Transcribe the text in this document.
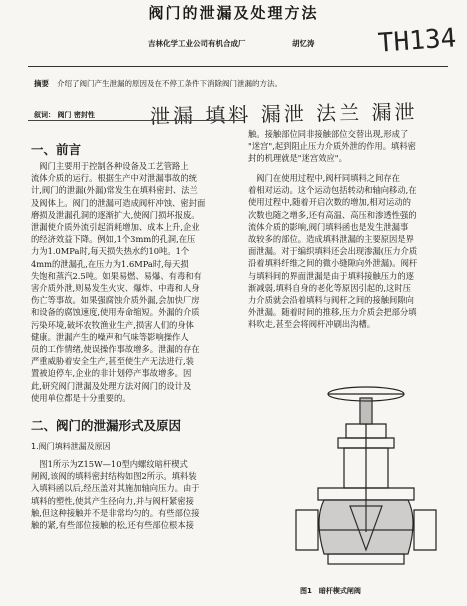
阀门的泄漏及处理方法
吉林化学工业公司有机合成厂	胡忆涛 TH134
摘要 介绍了阀门产生泄漏的原因及在不停工条件下消除阀门泄漏的方法。
叙词： 阀门 密封性	泄漏 填料 漏泄 法兰 漏泄
一、前言
　阀门主要用于控制各种设备及工艺管路上
流体介质的运行。根据生产中对泄漏事故的统
计,阀门的泄漏(外漏)常发生在填料密封、法兰
及阀体上。阀门的泄漏可造成阀杆冲蚀、密封面
磨损及泄漏孔洞的逐渐扩大,使阀门损坏报废。
泄漏使介质外流引起消耗增加、成本上升,企业
的经济效益下降。例如,1个3mm的孔洞,在压
力为1.0MPa时,每天损失热水约10吨。1个
4mm的泄漏孔,在压力为1.6MPa时,每天损
失饱和蒸汽2.5吨。如果易燃、易爆、有毒和有
害介质外泄,则易发生火灾、爆炸、中毒和人身
伤亡等事故。如果强腐蚀介质外漏,会加快厂房
和设备的腐蚀速度,使用寿命缩短。外漏的介质
污染环境,破坏农牧渔业生产,损害人们的身体
健康。泄漏产生的噪声和气味等影响操作人
员的工作情绪,使误操作事故增多。泄漏的存在
严重威胁着安全生产,甚至使生产无法进行,装
置被迫停车,企业的非计划停产事故增多。因
此,研究阀门泄漏及处理方法对阀门的设计及
使用单位都是十分重要的。
二、阀门的泄漏形式及原因
1.阀门填料泄漏及原因
　图1所示为Z15W—10型内螺纹暗杆楔式
闸阀,该阀的填料密封结构如图2所示。填料装
入填料函以后,经压盖对其施加轴向压力。由于
填料的塑性,使其产生径向力,并与阀杆紧密接
触,但这种接触并不是非常均匀的。有些部位接
触的紧,有些部位接触的松,还有些部位根本接
触。接触部位同非接触部位交替出现,形成了
"迷宫",起到阻止压力介质外泄的作用。填料密
封的机理就是"迷宫效应"。
　阀门在使用过程中,阀杆同填料之间存在
着相对运动。这个运动包括转动和轴向移动,在
使用过程中,随着开启次数的增加,相对运动的
次数也随之增多,还有高温、高压和渗透性强的
流体介质的影响,阀门填料函也是发生泄漏事
故较多的部位。造成填料泄漏的主要原因是界
面泄漏。对于编织填料还会出现渗漏(压力介质
沿着填料纤维之间的微小缝隙向外泄漏)。阀杆
与填料间的界面泄漏是由于填料接触压力的逐
渐减弱,填料自身的老化等原因引起的,这时压
力介质就会沿着填料与阀杆之间的接触间隙向
外泄漏。随着时间的推移,压力介质会把部分填
料吹走,甚至会将阀杆冲刷出沟槽。
图1　暗杆楔式闸阀
